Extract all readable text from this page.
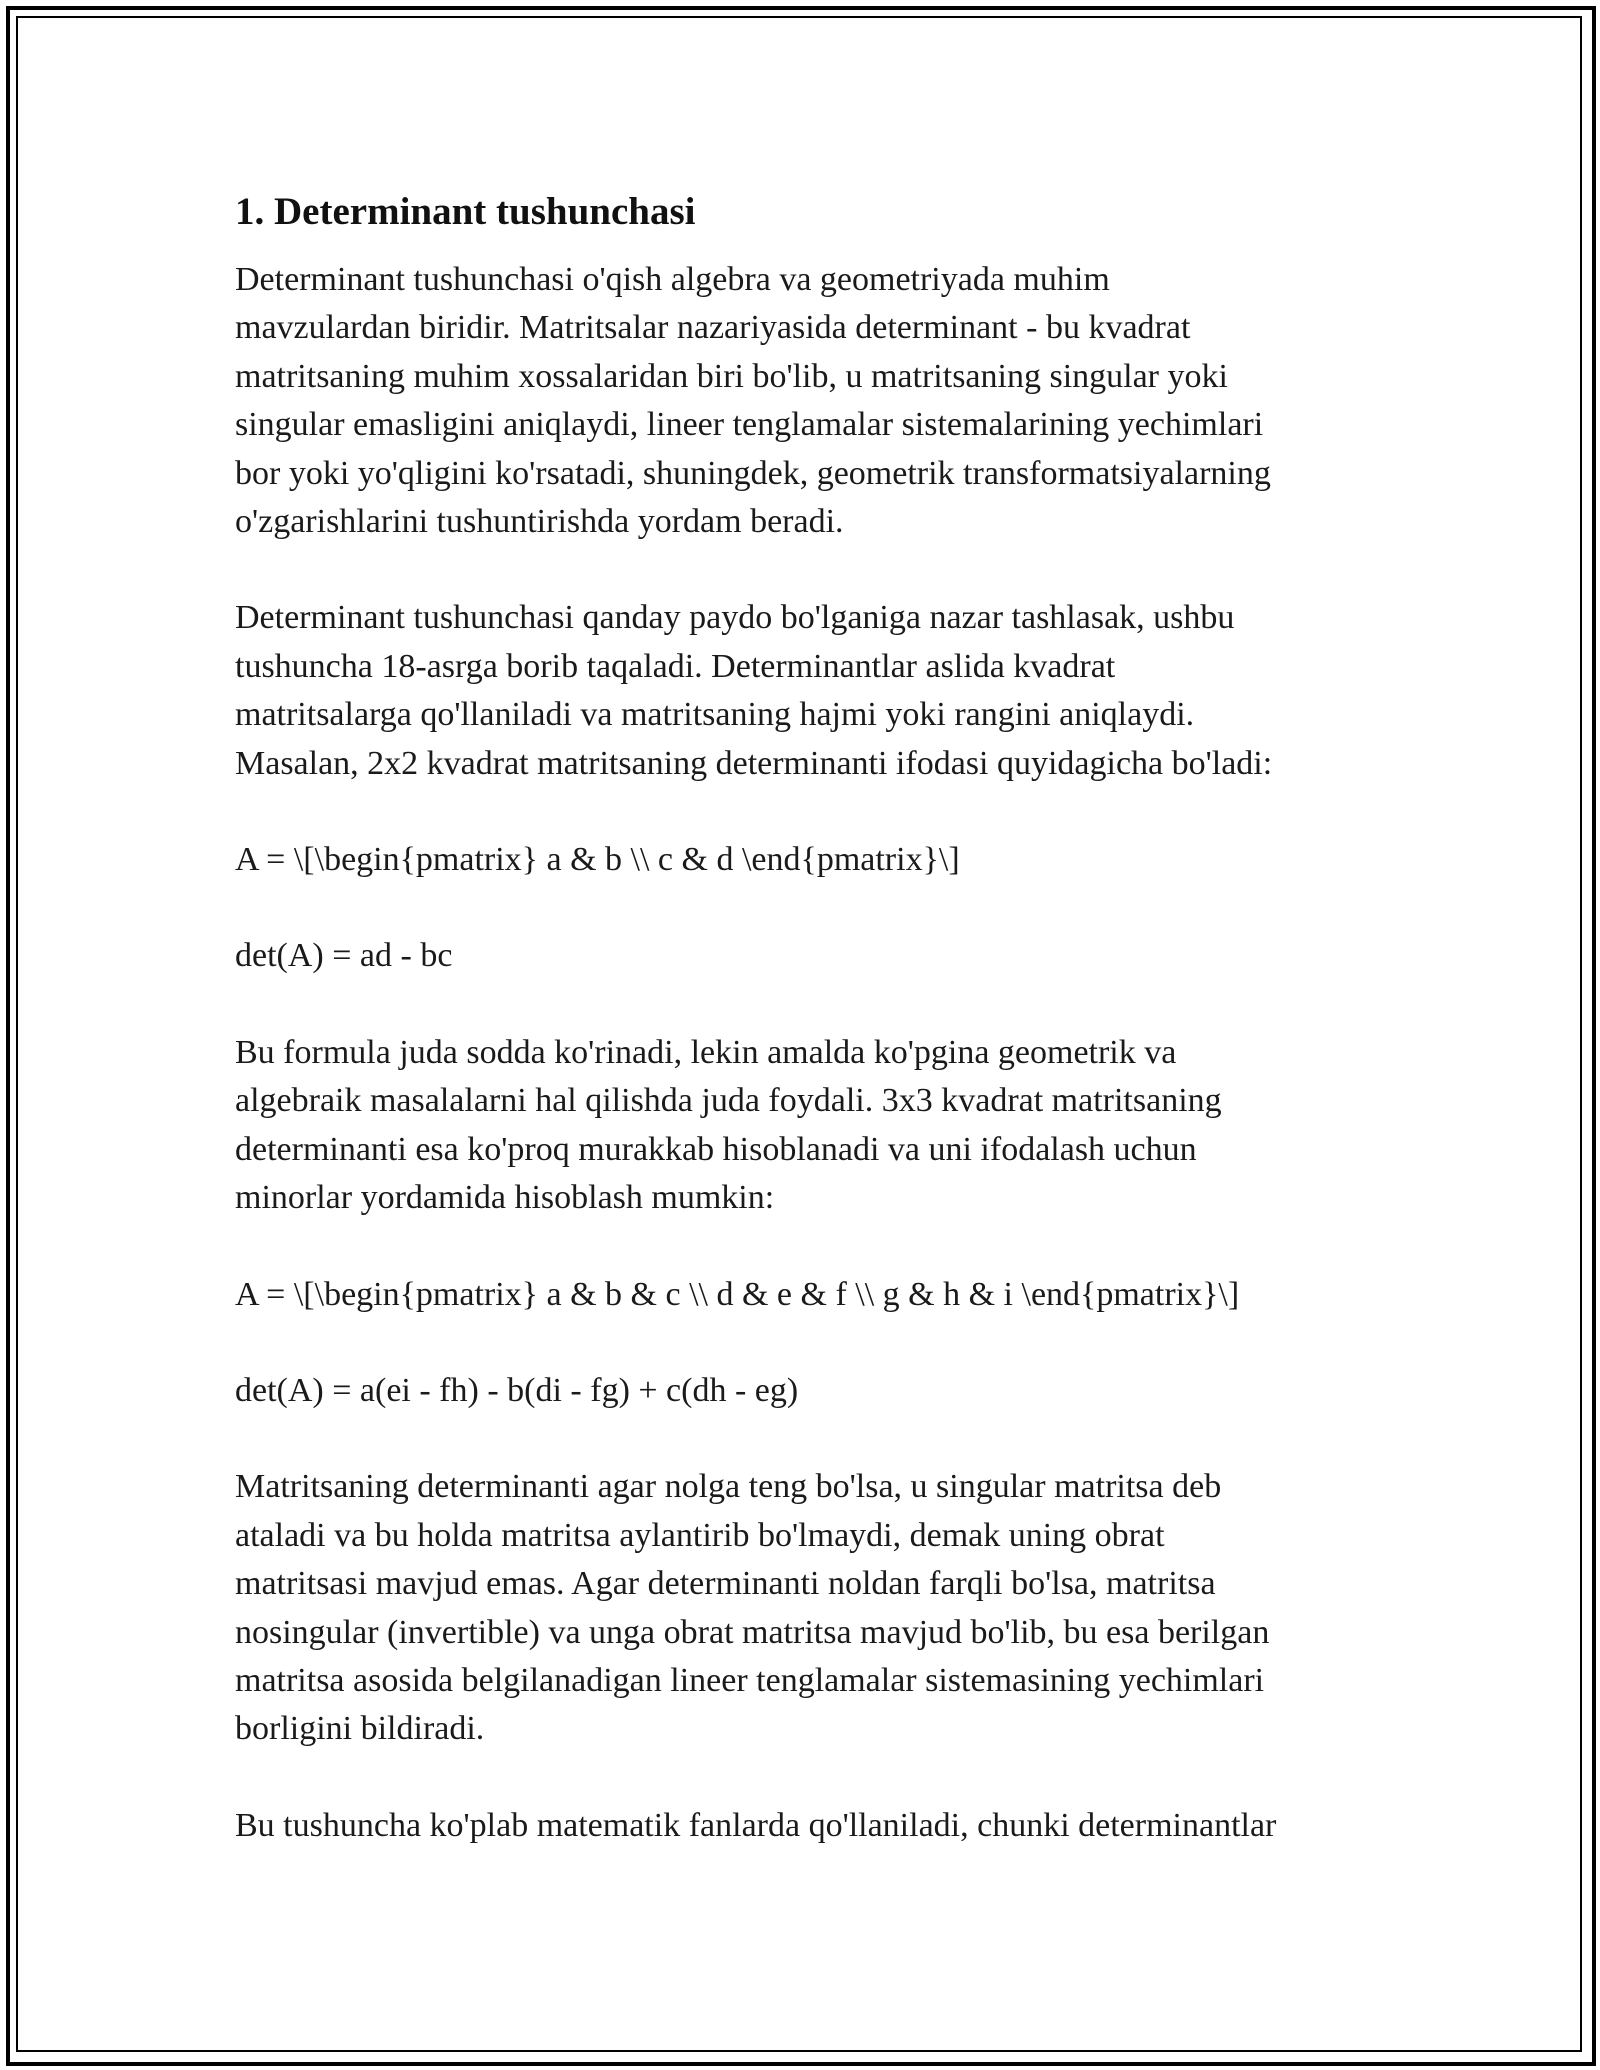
1. Determinant tushunchasi

Determinant tushunchasi o'qish algebra va geometriyada muhim
mavzulardan biridir. Matritsalar nazariyasida determinant - bu kvadrat
matritsaning muhim xossalaridan biri bo'lib, u matritsaning singular yoki
singular emasligini aniqlaydi, lineer tenglamalar sistemalarining yechimlari
bor yoki yo'qligini ko'rsatadi, shuningdek, geometrik transformatsiyalarning
o'zgarishlarini tushuntirishda yordam beradi.

Determinant tushunchasi qanday paydo bo'lganiga nazar tashlasak, ushbu
tushuncha 18-asrga borib taqaladi. Determinantlar aslida kvadrat
matritsalarga qo'llaniladi va matritsaning hajmi yoki rangini aniqlaydi.
Masalan, 2x2 kvadrat matritsaning determinanti ifodasi quyidagicha bo'ladi:

A = \[\begin{pmatrix} a & b \\ c & d \end{pmatrix}\]

det(A) = ad - bc

Bu formula juda sodda ko'rinadi, lekin amalda ko'pgina geometrik va
algebraik masalalarni hal qilishda juda foydali. 3x3 kvadrat matritsaning
determinanti esa ko'proq murakkab hisoblanadi va uni ifodalash uchun
minorlar yordamida hisoblash mumkin:

A = \[\begin{pmatrix} a & b & c \\ d & e & f \\ g & h & i \end{pmatrix}\]

det(A) = a(ei - fh) - b(di - fg) + c(dh - eg)

Matritsaning determinanti agar nolga teng bo'lsa, u singular matritsa deb
ataladi va bu holda matritsa aylantirib bo'lmaydi, demak uning obrat
matritsasi mavjud emas. Agar determinanti noldan farqli bo'lsa, matritsa
nosingular (invertible) va unga obrat matritsa mavjud bo'lib, bu esa berilgan
matritsa asosida belgilanadigan lineer tenglamalar sistemasining yechimlari
borligini bildiradi.

Bu tushuncha ko'plab matematik fanlarda qo'llaniladi, chunki determinantlar
